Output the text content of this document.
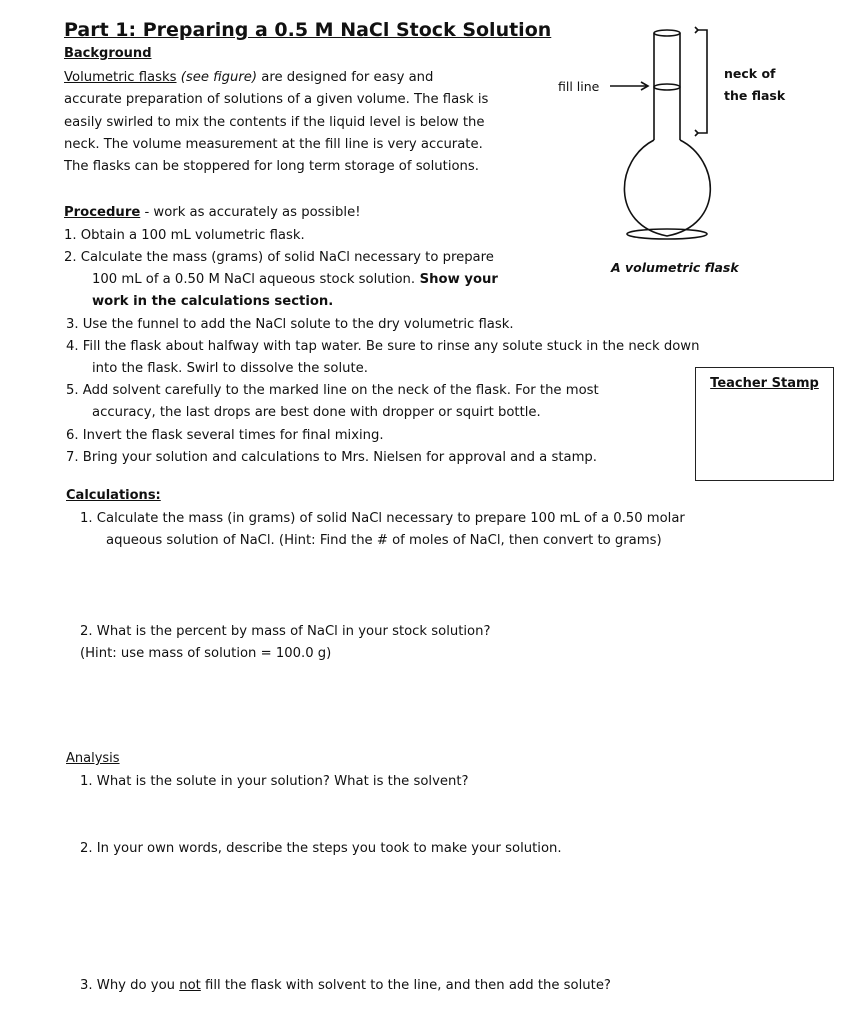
Part 1: Preparing a 0.5 M NaCl Stock Solution
Background
Volumetric flasks (see figure) are designed for easy and
accurate preparation of solutions of a given volume. The flask is
easily swirled to mix the contents if the liquid level is below the
neck. The volume measurement at the fill line is very accurate.
The flasks can be stoppered for long term storage of solutions.
fill line
neck of
the flask
A volumetric flask
Procedure - work as accurately as possible!
1. Obtain a 100 mL volumetric flask.
2. Calculate the mass (grams) of solid NaCl necessary to prepare
100 mL of a 0.50 M NaCl aqueous stock solution. Show your
work in the calculations section.
3. Use the funnel to add the NaCl solute to the dry volumetric flask.
4. Fill the flask about halfway with tap water. Be sure to rinse any solute stuck in the neck down
into the flask. Swirl to dissolve the solute.
5. Add solvent carefully to the marked line on the neck of the flask. For the most
accuracy, the last drops are best done with dropper or squirt bottle.
6. Invert the flask several times for final mixing.
7. Bring your solution and calculations to Mrs. Nielsen for approval and a stamp.
Teacher Stamp
Calculations:
1. Calculate the mass (in grams) of solid NaCl necessary to prepare 100 mL of a 0.50 molar
aqueous solution of NaCl. (Hint: Find the # of moles of NaCl, then convert to grams)
2. What is the percent by mass of NaCl in your stock solution?
(Hint: use mass of solution = 100.0 g)
Analysis
1. What is the solute in your solution? What is the solvent?
2. In your own words, describe the steps you took to make your solution.
3. Why do you not fill the flask with solvent to the line, and then add the solute?
